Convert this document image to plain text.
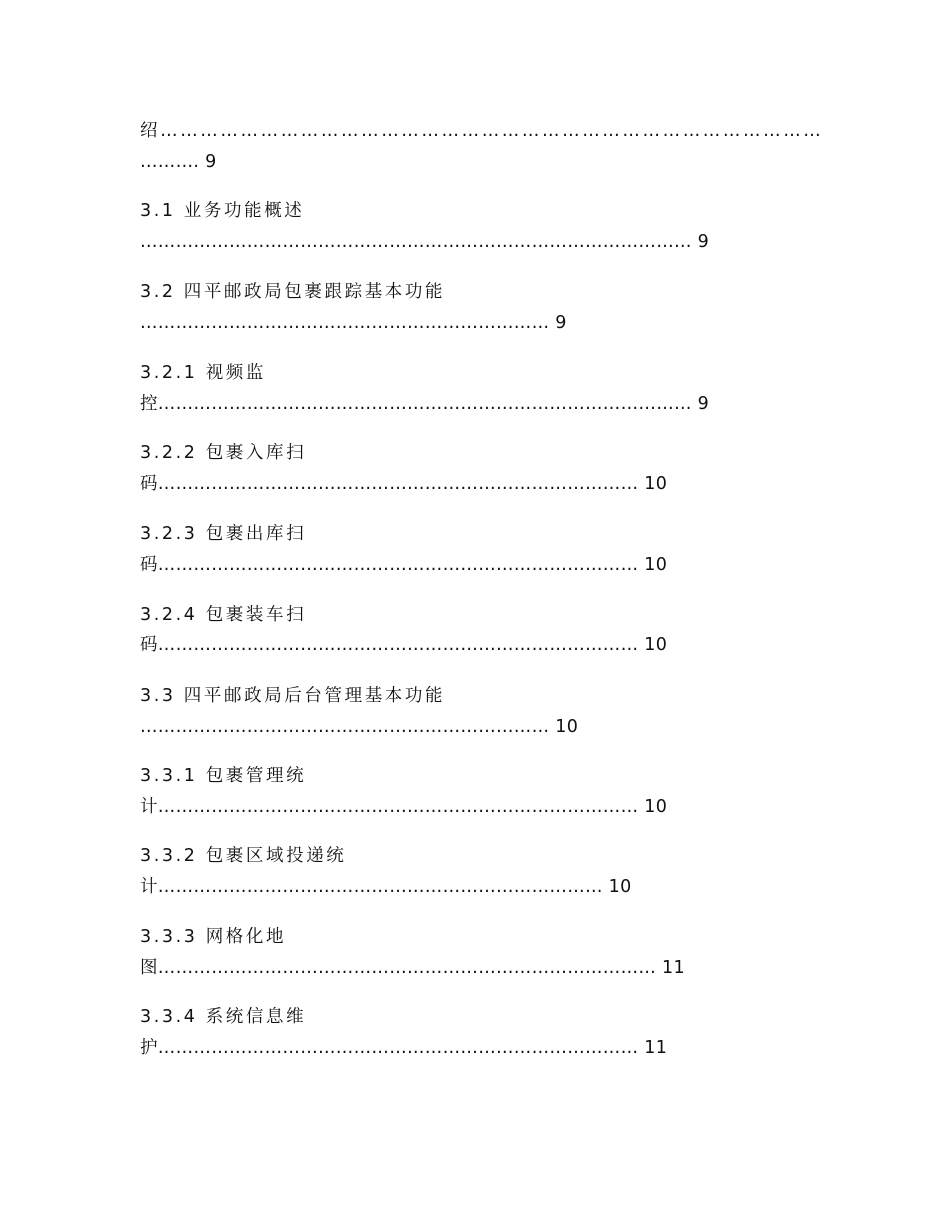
绍………………………………………………………………………………………
………. 9
3.1 业务功能概述
………………………………………………………………………………… 9
3.2 四平邮政局包裹跟踪基本功能
…………………………………………………………… 9
3.2.1 视频监
控……………………………………………………………………………… 9
3.2.2 包裹入库扫
码……………………………………………………………………… 10
3.2.3 包裹出库扫
码……………………………………………………………………… 10
3.2.4 包裹装车扫
码……………………………………………………………………… 10
3.3 四平邮政局后台管理基本功能
…………………………………………………………… 10
3.3.1 包裹管理统
计……………………………………………………………………… 10
3.3.2 包裹区域投递统
计………………………………………………………………… 10
3.3.3 网格化地
图………………………………………………………………………… 11
3.3.4 系统信息维
护……………………………………………………………………… 11
